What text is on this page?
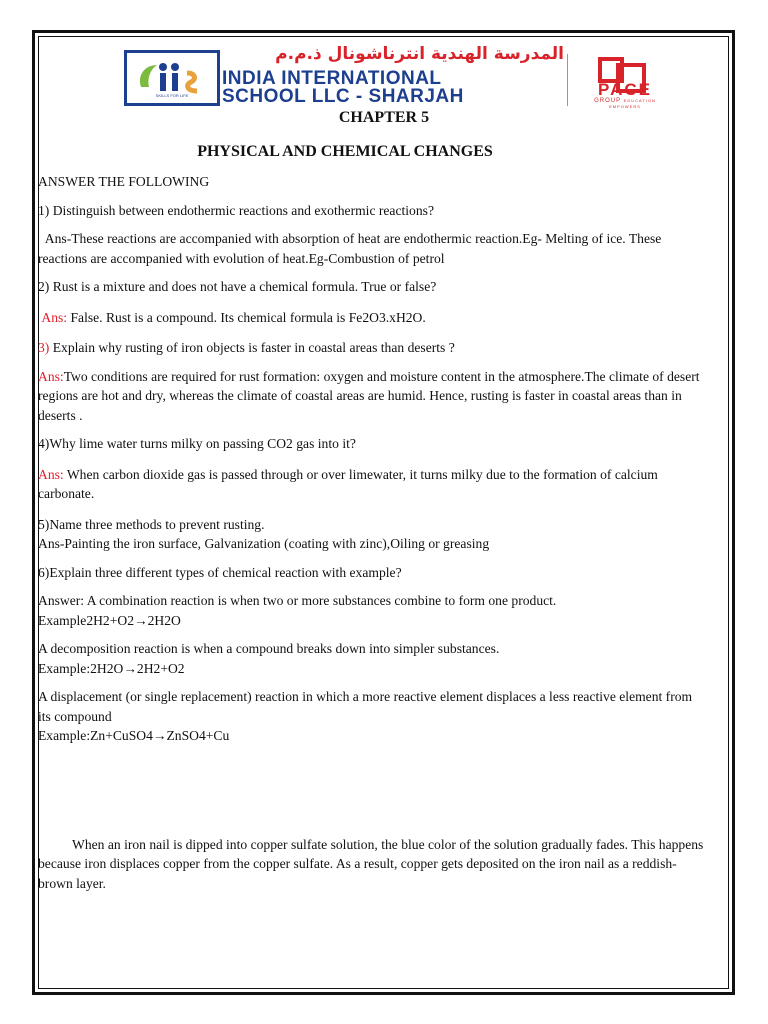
SKILLS FOR LIFE
المدرسة الهندية انترناشونال ذ.م.م
INDIA INTERNATIONAL
SCHOOL LLC - SHARJAH	PACE
GROUP EDUCATION EMPOWERS
CHAPTER 5
PHYSICAL AND CHEMICAL CHANGES

ANSWER THE FOLLOWING

1) Distinguish between endothermic reactions and exothermic reactions?

Ans-These reactions are accompanied with absorption of heat are endothermic reaction.Eg- Melting of ice. These reactions are accompanied with evolution of heat.Eg-Combustion of petrol

2) Rust is a mixture and does not have a chemical formula. True or false?

Ans: False. Rust is a compound. Its chemical formula is Fe2O3.xH2O.

3) Explain why rusting of iron objects is faster in coastal areas than deserts ?

Ans:Two conditions are required for rust formation: oxygen and moisture content in the atmosphere.The climate of desert regions are hot and dry, whereas the climate of coastal areas are humid. Hence, rusting is faster in coastal areas than in deserts .

4)Why lime water turns milky on passing CO2 gas into it?

Ans: When carbon dioxide gas is passed through or over limewater, it turns milky due to the formation of calcium carbonate.

5)Name three methods to prevent rusting.

Ans-Painting the iron surface, Galvanization (coating with zinc),Oiling or greasing

6)Explain three different types of chemical reaction with example?

Answer: A combination reaction is when two or more substances combine to form one product.

Example2H2+O2→2H2O

A decomposition reaction is when a compound breaks down into simpler substances.

Example:2H2O→2H2+O2

A displacement (or single replacement) reaction in which a more reactive element displaces a less reactive element from its compound

Example:Zn+CuSO4→ZnSO4+Cu

When an iron nail is dipped into copper sulfate solution, the blue color of the solution gradually fades. This happens because iron displaces copper from the copper sulfate. As a result, copper gets deposited on the iron nail as a reddish-brown layer.
